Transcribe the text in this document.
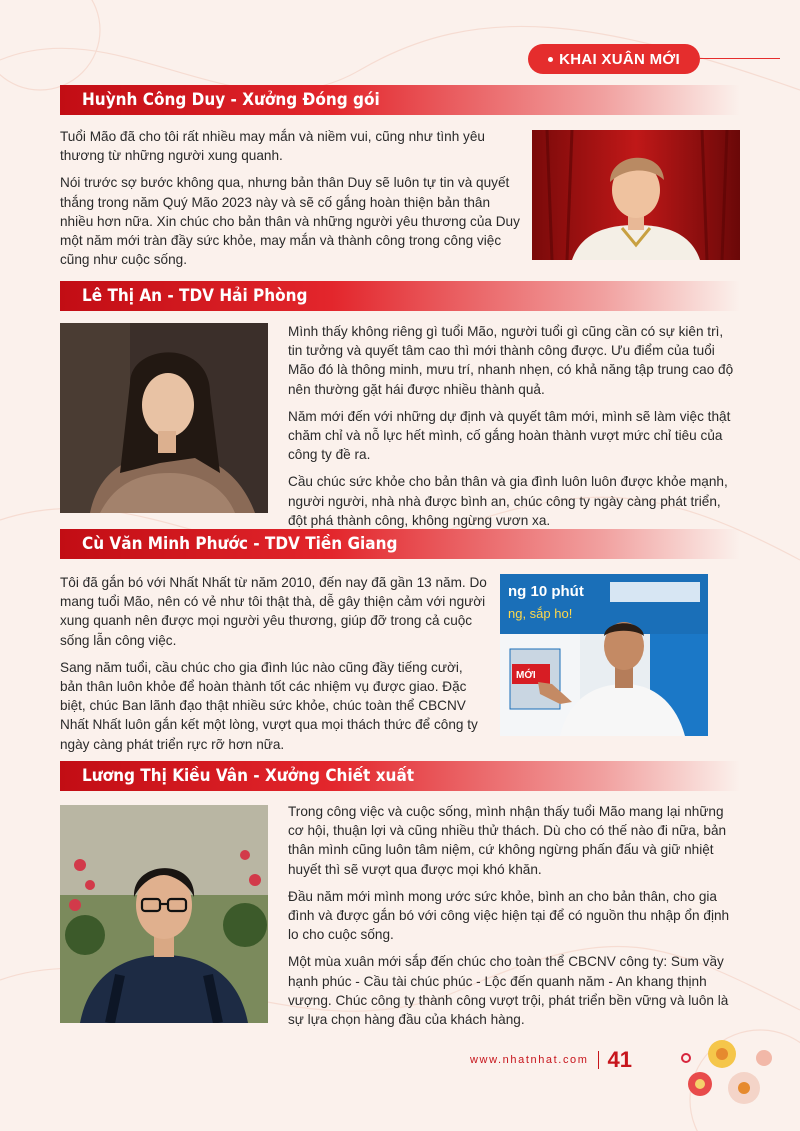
KHAI XUÂN MỚI
Huỳnh Công Duy - Xưởng Đóng gói

Tuổi Mão đã cho tôi rất nhiều may mắn và niềm vui, cũng như tình yêu thương từ những người xung quanh.

Nói trước sợ bước không qua, nhưng bản thân Duy sẽ luôn tự tin và quyết thắng trong năm Quý Mão 2023 này và sẽ cố gắng hoàn thiện bản thân nhiều hơn nữa. Xin chúc cho bản thân và những người yêu thương của Duy một năm mới tràn đầy sức khỏe, may mắn và thành công trong công việc cũng như cuộc sống.

Lê Thị An - TDV Hải Phòng

Mình thấy không riêng gì tuổi Mão, người tuổi gì cũng cần có sự kiên trì, tin tưởng và quyết tâm cao thì mới thành công được. Ưu điểm của tuổi Mão đó là thông minh, mưu trí, nhanh nhẹn, có khả năng tập trung cao độ nên thường gặt hái được nhiều thành quả.

Năm mới đến với những dự định và quyết tâm mới, mình sẽ làm việc thật chăm chỉ và nỗ lực hết mình, cố gắng hoàn thành vượt mức chỉ tiêu của công ty đề ra.

Cầu chúc sức khỏe cho bản thân và gia đình luôn luôn được khỏe mạnh, người người, nhà nhà được bình an, chúc công ty ngày càng phát triển, đột phá thành công, không ngừng vươn xa.

Cù Văn Minh Phước - TDV Tiền Giang

Tôi đã gắn bó với Nhất Nhất từ năm 2010, đến nay đã gần 13 năm. Do mang tuổi Mão, nên có vẻ như tôi thật thà, dễ gây thiện cảm với người xung quanh nên được mọi người yêu thương, giúp đỡ trong cả cuộc sống lẫn công việc.

Sang năm tuổi, cầu chúc cho gia đình lúc nào cũng đầy tiếng cười, bản thân luôn khỏe để hoàn thành tốt các nhiệm vụ được giao. Đặc biệt, chúc Ban lãnh đạo thật nhiều sức khỏe, chúc toàn thể CBCNV Nhất Nhất luôn gắn kết một lòng, vượt qua mọi thách thức để công ty ngày càng phát triển rực rỡ hơn nữa.

ng 10 phút
ng, sắp ho!
MỚI
Lương Thị Kiều Vân - Xưởng Chiết xuất

Trong công việc và cuộc sống, mình nhận thấy tuổi Mão mang lại những cơ hội, thuận lợi và cũng nhiều thử thách. Dù cho có thế nào đi nữa, bản thân mình cũng luôn tâm niệm, cứ không ngừng phấn đấu và giữ nhiệt huyết thì sẽ vượt qua được mọi khó khăn.

Đầu năm mới mình mong ước sức khỏe, bình an cho bản thân, cho gia đình và được gắn bó với công việc hiện tại để có nguồn thu nhập ổn định lo cho cuộc sống.

Một mùa xuân mới sắp đến chúc cho toàn thể CBCNV công ty: Sum vầy hạnh phúc - Cầu tài chúc phúc - Lộc đến quanh năm - An khang thịnh vượng. Chúc công ty thành công vượt trội, phát triển bền vững và luôn là sự lựa chọn hàng đầu của khách hàng.

www.nhatnhat.com 41
